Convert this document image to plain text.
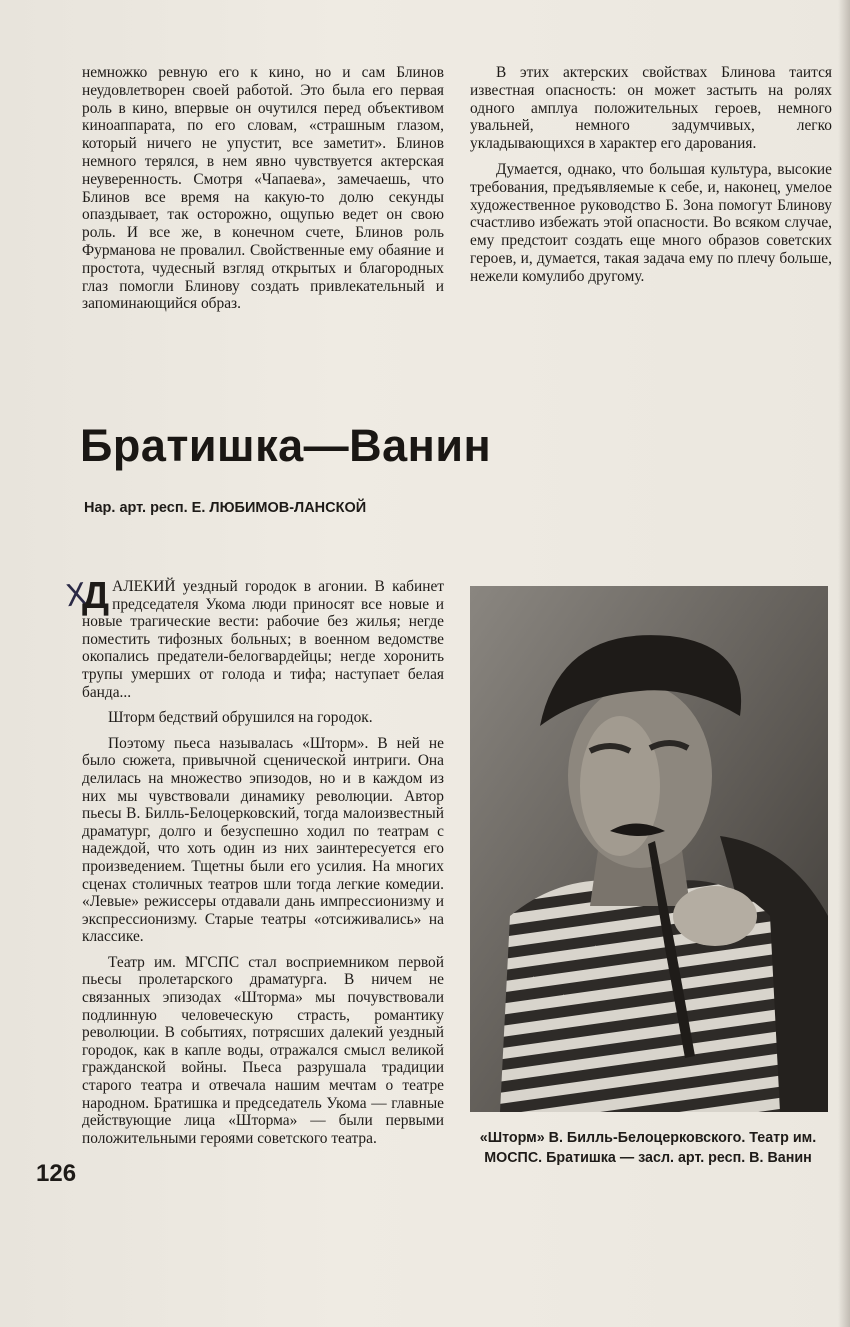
немножко ревную его к кино, но и сам Блинов неудовлетворен своей работой. Это была его первая роль в кино, впервые он очутился перед объективом киноаппарата, по его словам, «страшным глазом, который ничего не упустит, все заметит». Блинов немного терялся, в нем явно чувствуется актерская неуверенность. Смотря «Чапаева», замечаешь, что Блинов все время на какую-то долю секунды опаздывает, так осторожно, ощупью ведет он свою роль. И все же, в конечном счете, Блинов роль Фурманова не провалил. Свойственные ему обаяние и простота, чудесный взгляд открытых и благородных глаз помогли Блинову создать привлекательный и запоминающийся образ.

В этих актерских свойствах Блинова таится известная опасность: он может застыть на ролях одного амплуа положительных героев, немного увальней, немного задумчивых, легко укладывающихся в характер его дарования.

Думается, однако, что большая культура, высокие требования, предъявляемые к себе, и, наконец, умелое художественное руководство Б. Зона помогут Блинову счастливо избежать этой опасности. Во всяком случае, ему предстоит создать еще много образов советских героев, и, думается, такая задача ему по плечу больше, нежели комулибо другому.

Братишка—Ванин
Нар. арт. респ. Е. ЛЮБИМОВ-ЛАНСКОЙ
Х

ДАЛЕКИЙ уездный городок в агонии. В кабинет председателя Укома люди приносят все новые и новые трагические вести: рабочие без жилья; негде поместить тифозных больных; в военном ведомстве окопались предатели-белогвардейцы; негде хоронить трупы умерших от голода и тифа; наступает белая банда...

Шторм бедствий обрушился на городок.

Поэтому пьеса называлась «Шторм». В ней не было сюжета, привычной сценической интриги. Она делилась на множество эпизодов, но и в каждом из них мы чувствовали динамику революции. Автор пьесы В. Билль-Белоцерковский, тогда малоизвестный драматург, долго и безуспешно ходил по театрам с надеждой, что хоть один из них заинтересуется его произведением. Тщетны были его усилия. На многих сценах столичных театров шли тогда легкие комедии. «Левые» режиссеры отдавали дань импрессионизму и экспрессионизму. Старые театры «отсиживались» на классике.

Театр им. МГСПС стал восприемником первой пьесы пролетарского драматурга. В ничем не связанных эпизодах «Шторма» мы почувствовали подлинную человеческую страсть, романтику революции. В событиях, потрясших далекий уездный городок, как в капле воды, отражался смысл великой гражданской войны. Пьеса разрушала традиции старого театра и отвечала нашим мечтам о театре народном. Братишка и председатель Укома — главные действующие лица «Шторма» — были первыми положительными героями советского театра.	«Шторм» В. Билль-Белоцерковского. Театр им. МОСПС. Братишка — засл. арт. респ. В. Ванин
126
